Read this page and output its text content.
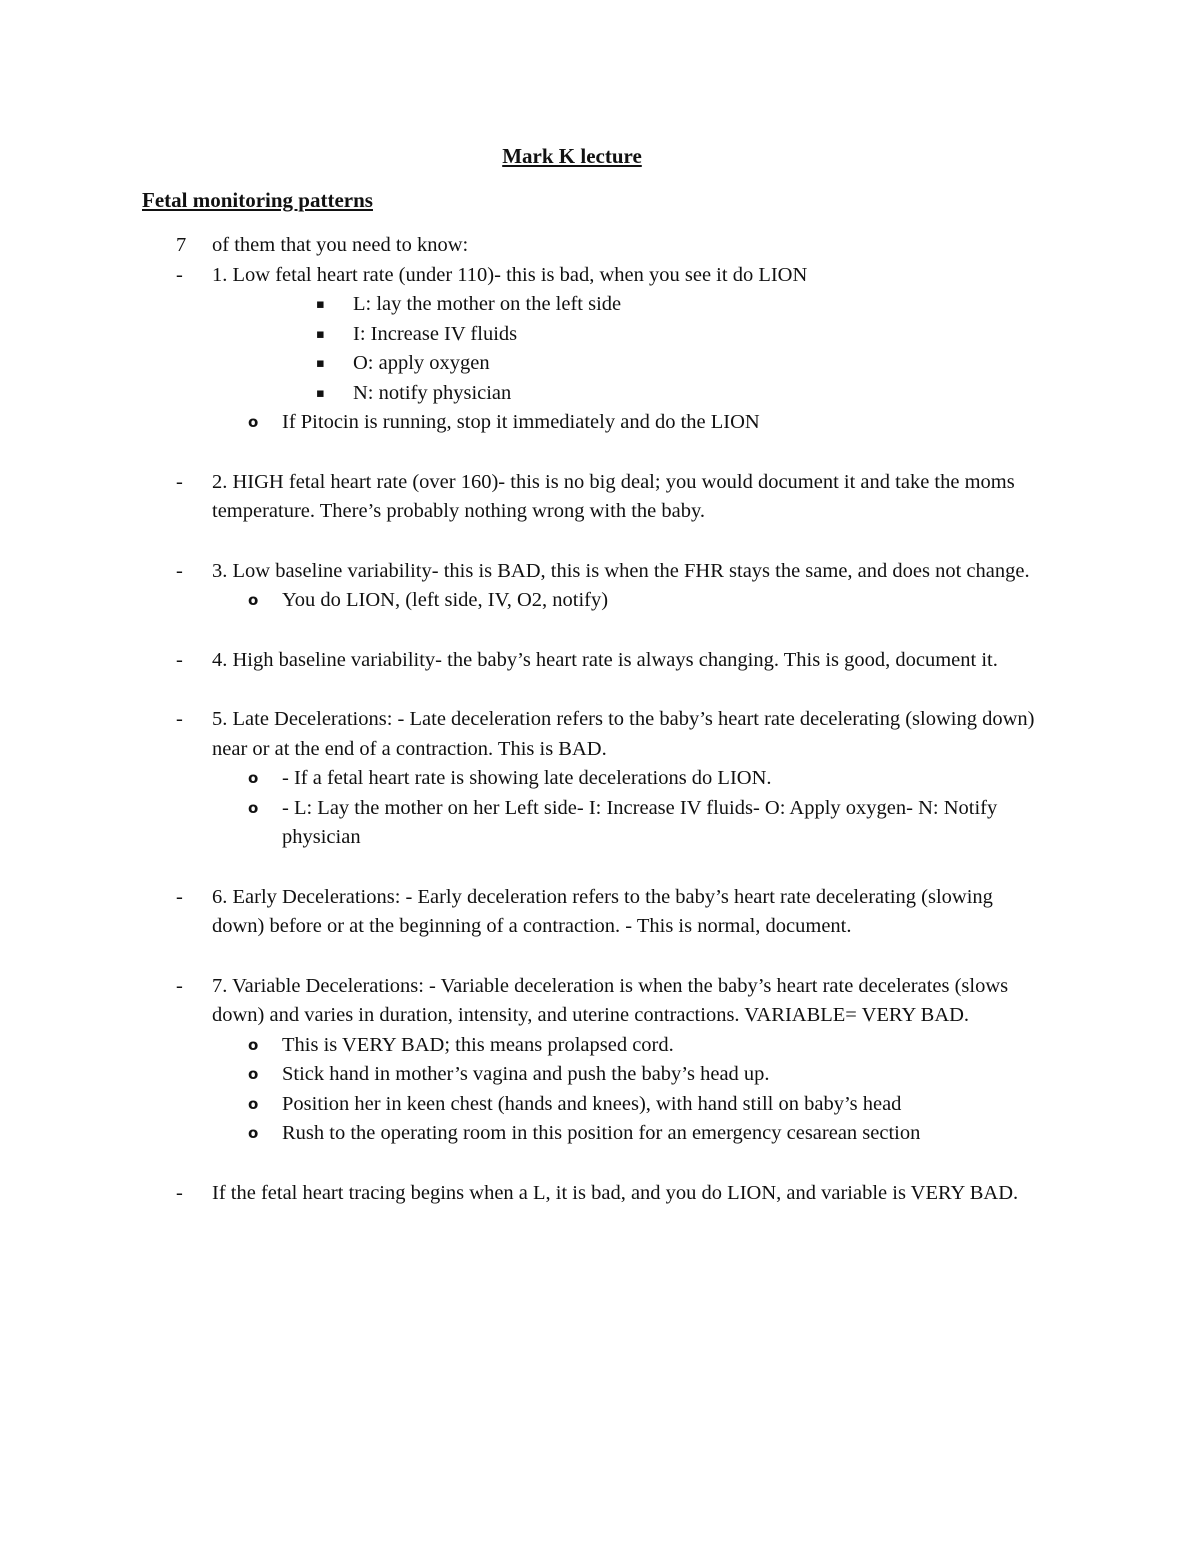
Mark K lecture
Fetal monitoring patterns
7 of them that you need to know:
- 1. Low fetal heart rate (under 110)- this is bad, when you see it do LION
▪ L: lay the mother on the left side
▪ I: Increase IV fluids
▪ O: apply oxygen
▪ N: notify physician
o If Pitocin is running, stop it immediately and do the LION
- 2. HIGH fetal heart rate (over 160)- this is no big deal; you would document it and take the moms temperature. There’s probably nothing wrong with the baby.
- 3. Low baseline variability- this is BAD, this is when the FHR stays the same, and does not change.
o You do LION, (left side, IV, O2, notify)
- 4. High baseline variability- the baby’s heart rate is always changing. This is good, document it.
- 5. Late Decelerations: - Late deceleration refers to the baby’s heart rate decelerating (slowing down) near or at the end of a contraction. This is BAD.
o - If a fetal heart rate is showing late decelerations do LION.
o - L: Lay the mother on her Left side- I: Increase IV fluids- O: Apply oxygen- N: Notify physician
- 6. Early Decelerations: - Early deceleration refers to the baby’s heart rate decelerating (slowing down) before or at the beginning of a contraction. - This is normal, document.
- 7. Variable Decelerations: - Variable deceleration is when the baby’s heart rate decelerates (slows down) and varies in duration, intensity, and uterine contractions. VARIABLE= VERY BAD.
o This is VERY BAD; this means prolapsed cord.
o Stick hand in mother’s vagina and push the baby’s head up.
o Position her in keen chest (hands and knees), with hand still on baby’s head
o Rush to the operating room in this position for an emergency cesarean section
- If the fetal heart tracing begins when a L, it is bad, and you do LION, and variable is VERY BAD.
